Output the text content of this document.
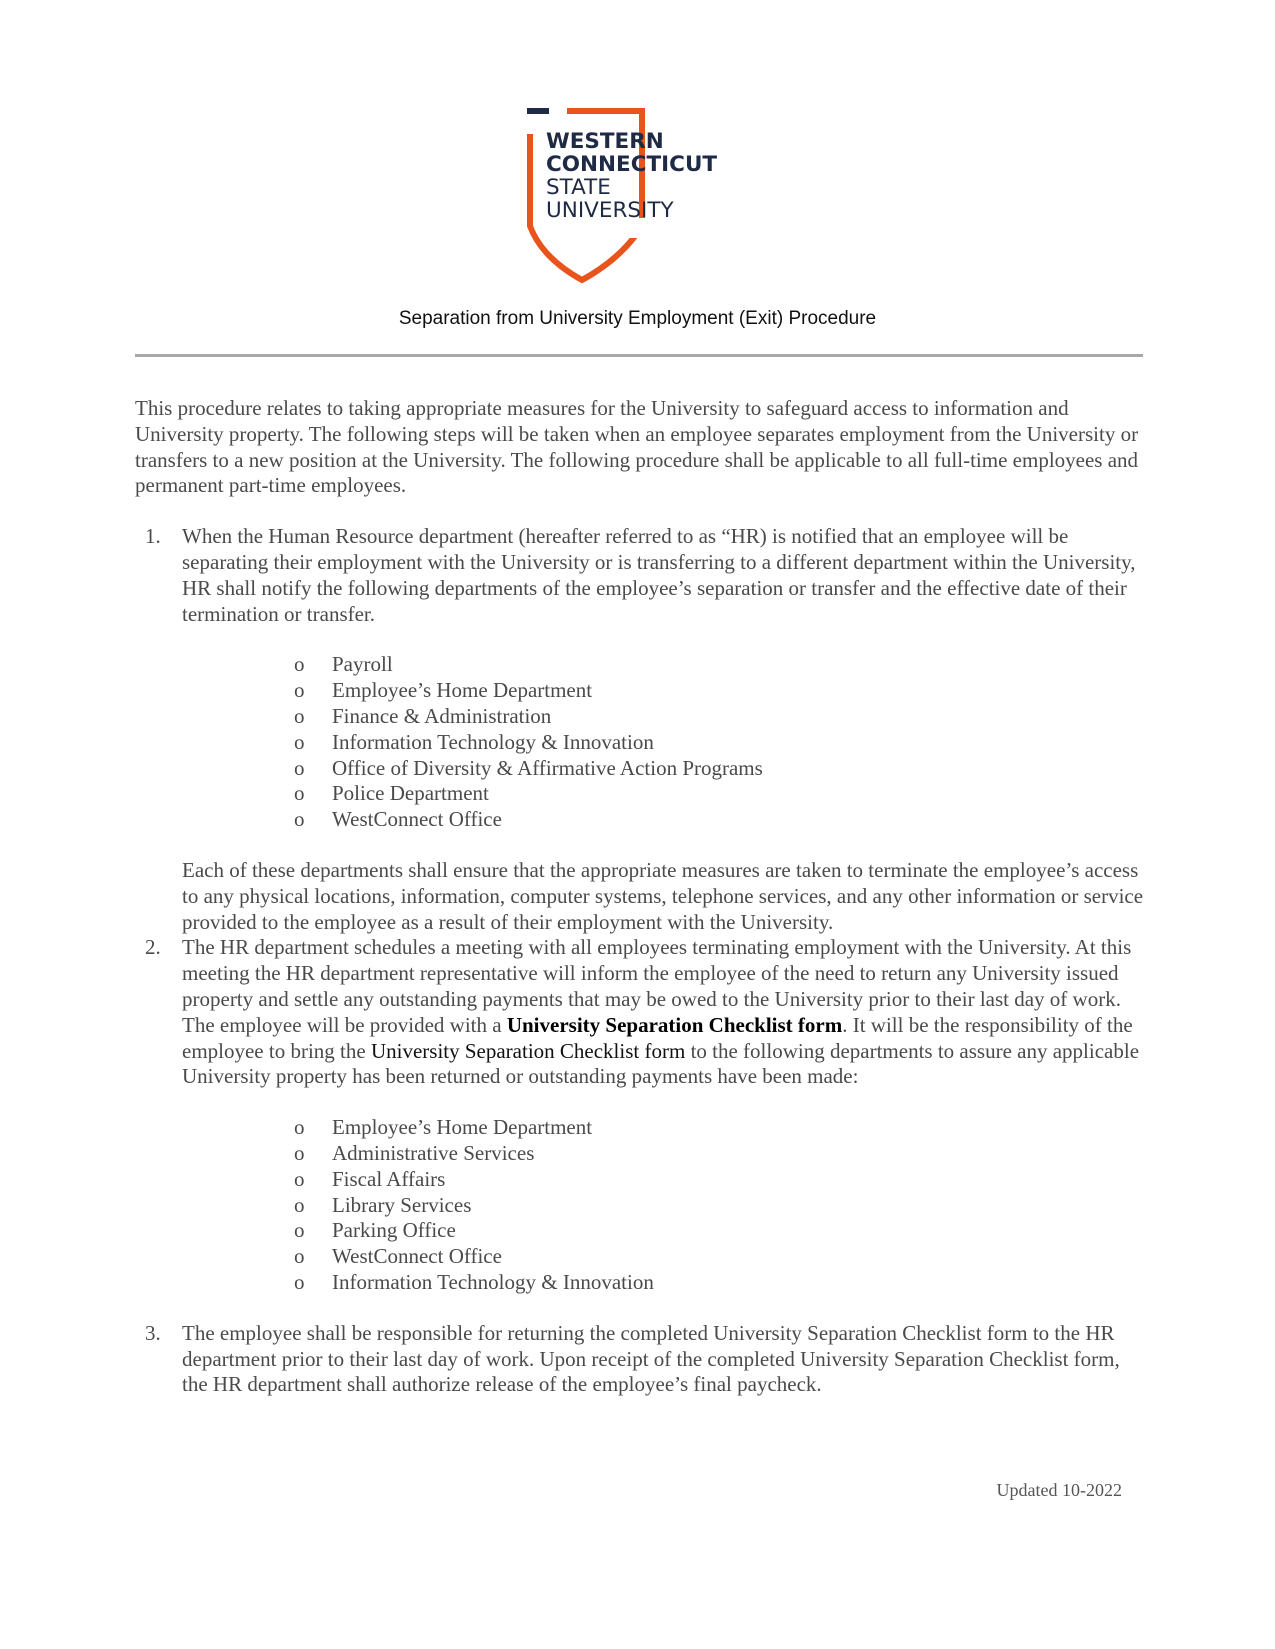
WESTERN
CONNECTICUT
STATE
UNIVERSITY
Separation from University Employment (Exit) Procedure

This procedure relates to taking appropriate measures for the University to safeguard access to information and University property. The following steps will be taken when an employee separates employment from the University or transfers to a new position at the University. The following procedure shall be applicable to all full-time employees and permanent part-time employees.

1. When the Human Resource department (hereafter referred to as “HR) is notified that an employee will be separating their employment with the University or is transferring to a different department within the University, HR shall notify the following departments of the employee’s separation or transfer and the effective date of their termination or transfer.

o Payroll
o Employee’s Home Department
o Finance & Administration
o Information Technology & Innovation
o Office of Diversity & Affirmative Action Programs
o Police Department
o WestConnect Office

Each of these departments shall ensure that the appropriate measures are taken to terminate the employee’s access to any physical locations, information, computer systems, telephone services, and any other information or service provided to the employee as a result of their employment with the University.

2. The HR department schedules a meeting with all employees terminating employment with the University. At this meeting the HR department representative will inform the employee of the need to return any University issued property and settle any outstanding payments that may be owed to the University prior to their last day of work. The employee will be provided with a University Separation Checklist form. It will be the responsibility of the employee to bring the University Separation Checklist form to the following departments to assure any applicable University property has been returned or outstanding payments have been made:

o Employee’s Home Department
o Administrative Services
o Fiscal Affairs
o Library Services
o Parking Office
o WestConnect Office
o Information Technology & Innovation
3. The employee shall be responsible for returning the completed University Separation Checklist form to the HR department prior to their last day of work. Upon receipt of the completed University Separation Checklist form, the HR department shall authorize release of the employee’s final paycheck.

Updated 10-2022
